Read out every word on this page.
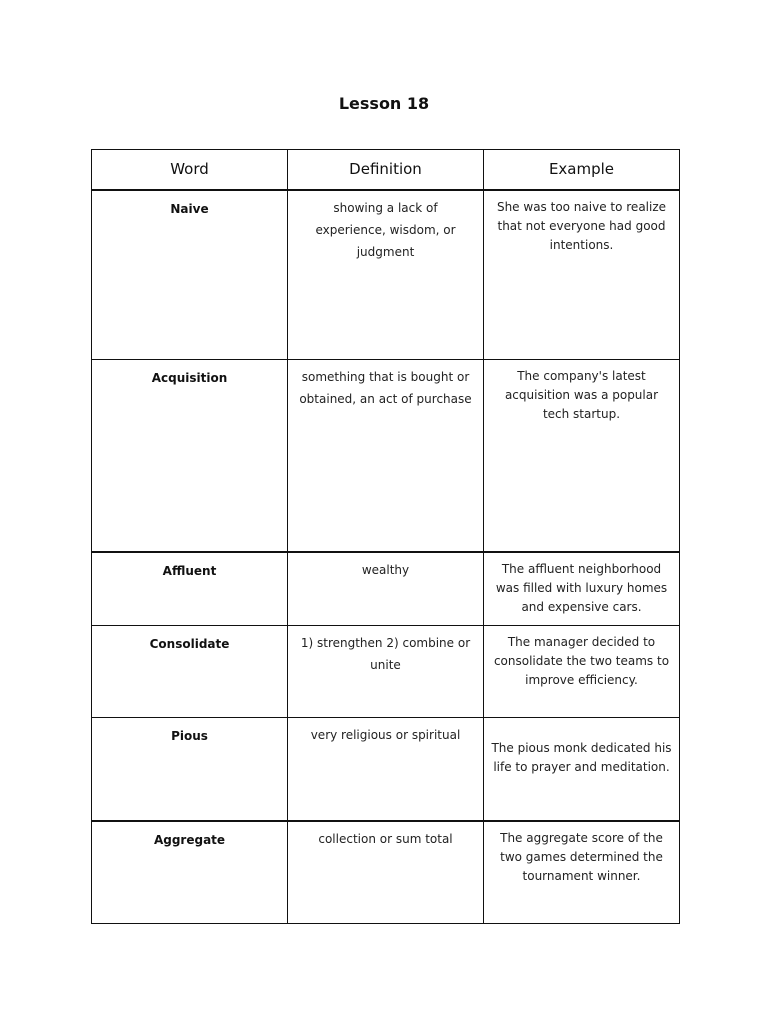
Lesson 18
Word	Definition	Example
Naive	showing a lack of experience, wisdom, or judgment	She was too naive to realize that not everyone had good intentions.
Acquisition	something that is bought or obtained, an act of purchase	The company's latest acquisition was a popular tech startup.
Affluent	wealthy	The affluent neighborhood was filled with luxury homes and expensive cars.
Consolidate	1) strengthen 2) combine or unite	The manager decided to consolidate the two teams to improve efficiency.
Pious	very religious or spiritual	The pious monk dedicated his life to prayer and meditation.
Aggregate	collection or sum total	The aggregate score of the two games determined the tournament winner.
